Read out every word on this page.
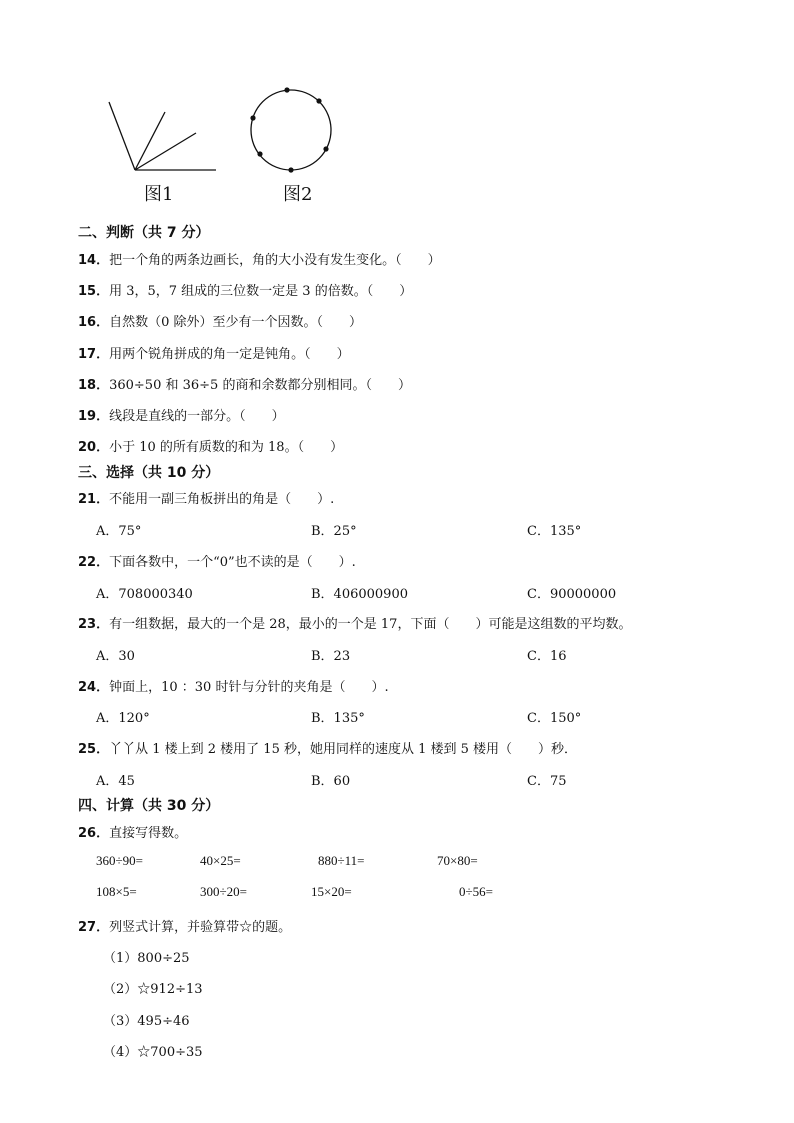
图1	图2
二、判断（共 7 分）
14．把一个角的两条边画长，角的大小没有发生变化。（　　）
15．用 3，5，7 组成的三位数一定是 3 的倍数。（　　）
16．自然数（0 除外）至少有一个因数。（　　）
17．用两个锐角拼成的角一定是钝角。（　　）
18．360÷50 和 36÷5 的商和余数都分别相同。（　　）
19．线段是直线的一部分。（　　）
20．小于 10 的所有质数的和为 18。（　　）
三、选择（共 10 分）
21．不能用一副三角板拼出的角是（　　）.
A．75°	B．25°	C．135°
22．下面各数中，一个“0”也不读的是（　　）.
A．708000340	B．406000900	C．90000000
23．有一组数据，最大的一个是 28，最小的一个是 17，下面（　　）可能是这组数的平均数。
A．30	B．23	C．16
24．钟面上，10 ：30 时针与分针的夹角是（　　）.
A．120°	B．135°	C．150°
25．丫丫从 1 楼上到 2 楼用了 15 秒，她用同样的速度从 1 楼到 5 楼用（　　）秒．
A．45	B．60	C．75
四、计算（共 30 分）
26．直接写得数。
360÷90=	40×25=	880÷11=	70×80=
108×5=	300÷20=	15×20=	0÷56=
27．列竖式计算，并验算带☆的题。
（1）800÷25
（2）☆912÷13
（3）495÷46
（4）☆700÷35
